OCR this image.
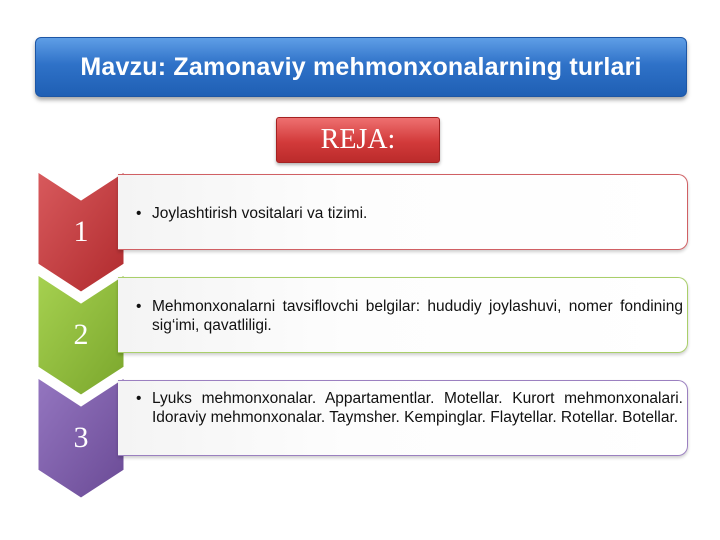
Mavzu: Zamonaviy mehmonxonalarning turlari
REJA:
1
• Joylashtirish vositalari va tizimi.
2
• Mehmonxonalarni tavsiflovchi belgilar: hududiy joylashuvi, nomer fondining sig‘imi, qavatliligi.
3
• Lyuks mehmonxonalar. Appartamentlar. Motellar. Kurort mehmonxonalari. Idoraviy mehmonxonalar. Taymsher. Kempinglar. Flaytellar. Rotellar. Botellar.
